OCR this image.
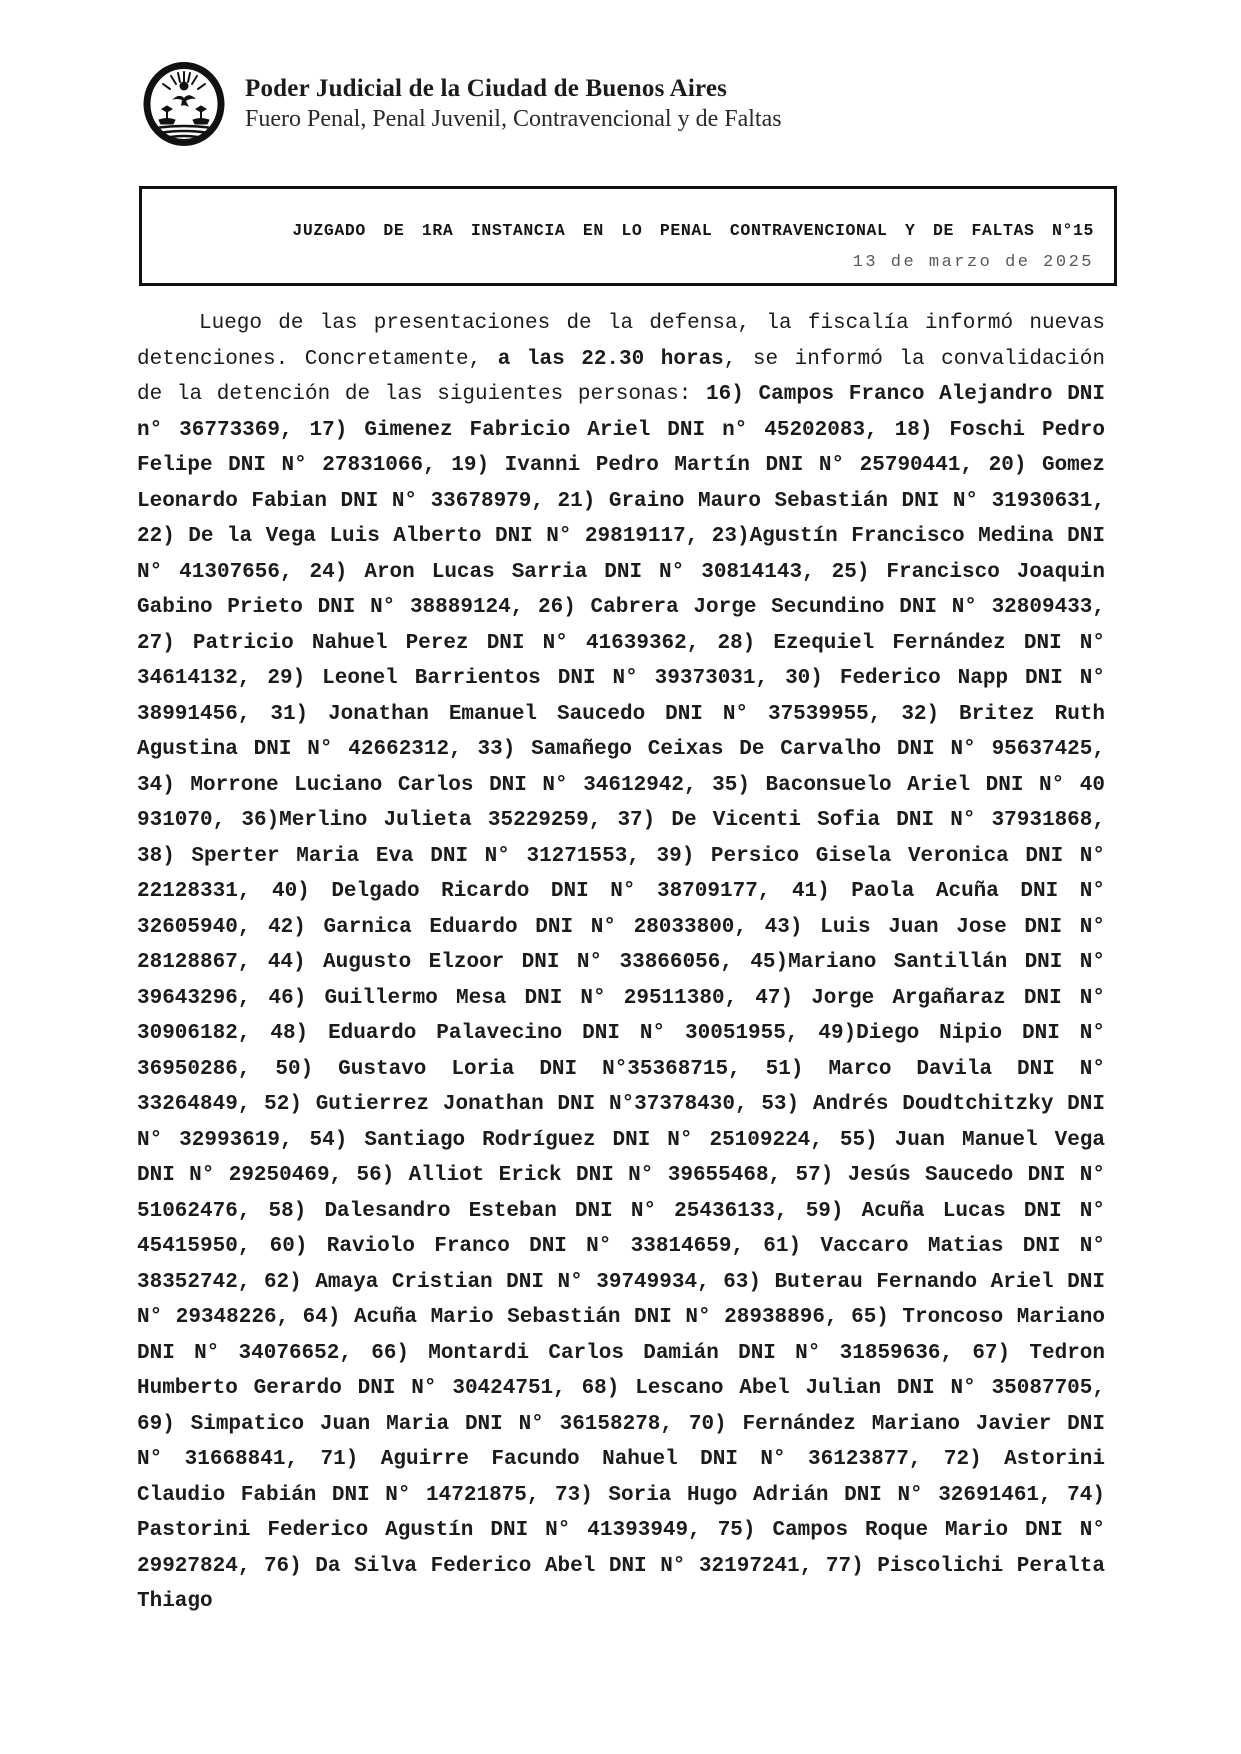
Poder Judicial de la Ciudad de Buenos Aires
Fuero Penal, Penal Juvenil, Contravencional y de Faltas
JUZGADO DE 1RA INSTANCIA EN LO PENAL CONTRAVENCIONAL Y DE FALTAS N°15
13 de marzo de 2025

Luego de las presentaciones de la defensa, la fiscalía informó nuevas detenciones. Concretamente, a las 22.30 horas, se informó la convalidación de la detención de las siguientes personas: 16) Campos Franco Alejandro DNI n° 36773369, 17) Gimenez Fabricio Ariel DNI n° 45202083, 18) Foschi Pedro Felipe DNI N° 27831066, 19) Ivanni Pedro Martín DNI N° 25790441, 20) Gomez Leonardo Fabian DNI N° 33678979, 21) Graino Mauro Sebastián DNI N° 31930631, 22) De la Vega Luis Alberto DNI N° 29819117, 23)Agustín Francisco Medina DNI N° 41307656, 24) Aron Lucas Sarria DNI N° 30814143, 25) Francisco Joaquin Gabino Prieto DNI N° 38889124, 26) Cabrera Jorge Secundino DNI N° 32809433, 27) Patricio Nahuel Perez DNI N° 41639362, 28) Ezequiel Fernández DNI N° 34614132, 29) Leonel Barrientos DNI N° 39373031, 30) Federico Napp DNI N° 38991456, 31) Jonathan Emanuel Saucedo DNI N° 37539955, 32) Britez Ruth Agustina DNI N° 42662312, 33) Samañego Ceixas De Carvalho DNI N° 95637425, 34) Morrone Luciano Carlos DNI N° 34612942, 35) Baconsuelo Ariel DNI N° 40 931070, 36)Merlino Julieta 35229259, 37) De Vicenti Sofia DNI N° 37931868, 38) Sperter Maria Eva DNI N° 31271553, 39) Persico Gisela Veronica DNI N° 22128331, 40) Delgado Ricardo DNI N° 38709177, 41) Paola Acuña DNI N° 32605940, 42) Garnica Eduardo DNI N° 28033800, 43) Luis Juan Jose DNI N° 28128867, 44) Augusto Elzoor DNI N° 33866056, 45)Mariano Santillán DNI N° 39643296, 46) Guillermo Mesa DNI N° 29511380, 47) Jorge Argañaraz DNI N° 30906182, 48) Eduardo Palavecino DNI N° 30051955, 49)Diego Nipio DNI N° 36950286, 50) Gustavo Loria DNI N°35368715, 51) Marco Davila DNI N° 33264849, 52) Gutierrez Jonathan DNI N°37378430, 53) Andrés Doudtchitzky DNI N° 32993619, 54) Santiago Rodríguez DNI N° 25109224, 55) Juan Manuel Vega DNI N° 29250469, 56) Alliot Erick DNI N° 39655468, 57) Jesús Saucedo DNI N° 51062476, 58) Dalesandro Esteban DNI N° 25436133, 59) Acuña Lucas DNI N° 45415950, 60) Raviolo Franco DNI N° 33814659, 61) Vaccaro Matias DNI N° 38352742, 62) Amaya Cristian DNI N° 39749934, 63) Buterau Fernando Ariel DNI N° 29348226, 64) Acuña Mario Sebastián DNI N° 28938896, 65) Troncoso Mariano DNI N° 34076652, 66) Montardi Carlos Damián DNI N° 31859636, 67) Tedron Humberto Gerardo DNI N° 30424751, 68) Lescano Abel Julian DNI N° 35087705, 69) Simpatico Juan Maria DNI N° 36158278, 70) Fernández Mariano Javier DNI N° 31668841, 71) Aguirre Facundo Nahuel DNI N° 36123877, 72) Astorini Claudio Fabián DNI N° 14721875, 73) Soria Hugo Adrián DNI N° 32691461, 74) Pastorini Federico Agustín DNI N° 41393949, 75) Campos Roque Mario DNI N° 29927824, 76) Da Silva Federico Abel DNI N° 32197241, 77) Piscolichi Peralta Thiago
